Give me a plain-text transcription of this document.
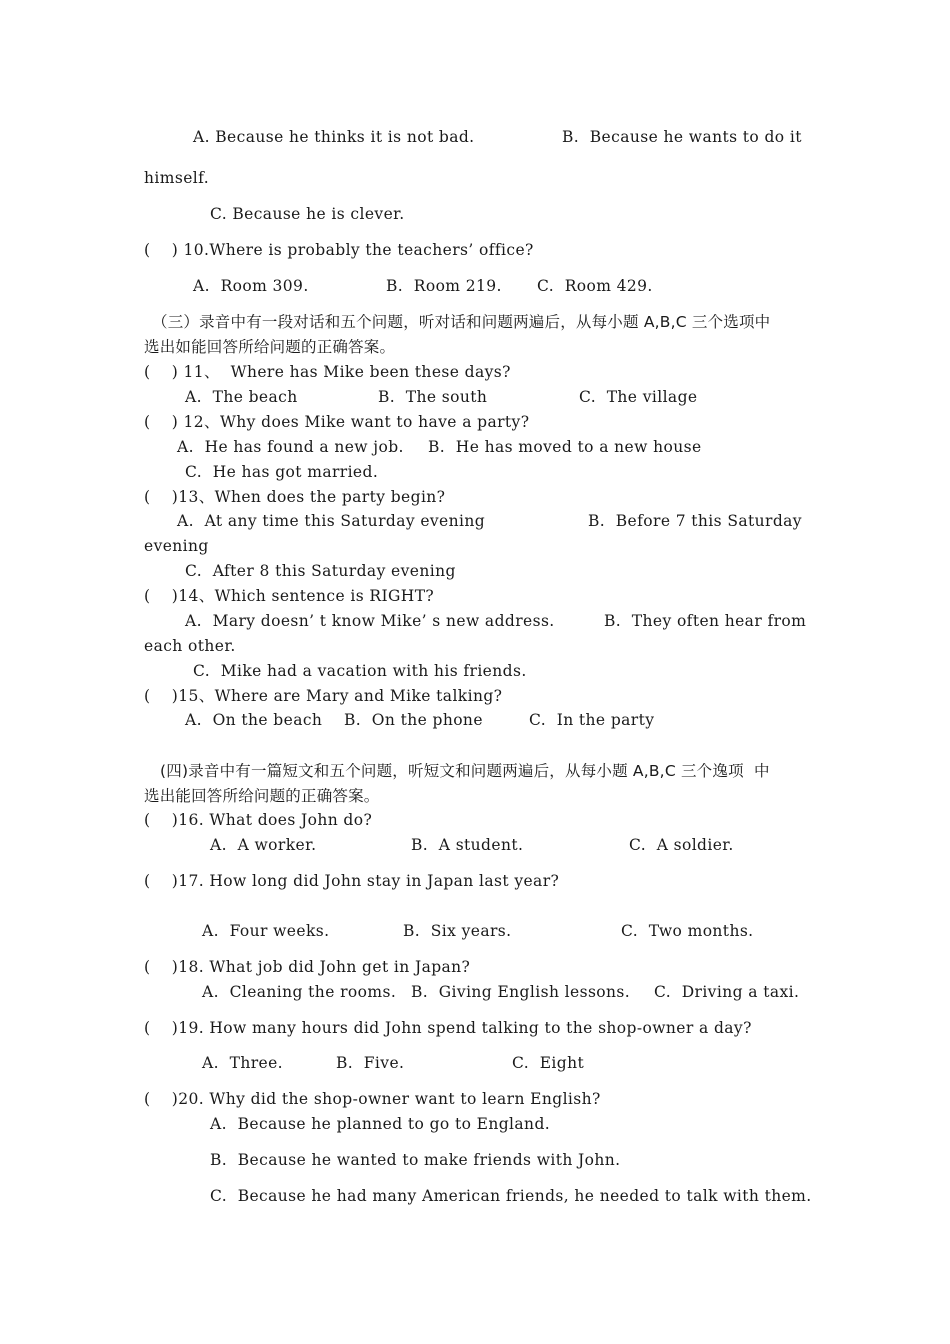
A. Because he thinks it is not bad.	B.  Because he wants to do it
himself.
C. Because he is clever.
(    ) 10.Where is probably the teachers’ office?
A.  Room 309.	B.  Room 219. C.  Room 429.
（三）录音中有一段对话和五个问题，听对话和问题两遍后，从每小题 A,B,C 三个选项中
选出如能回答所给问题的正确答案。
(    ) 11、  Where has Mike been these days?
A.  The beach	B.  The south	C.  The village
(    ) 12、Why does Mike want to have a party?
A.  He has found a new job. B.  He has moved to a new house
C.  He has got married.
(    )13、When does the party begin?
A.  At any time this Saturday evening	B.  Before 7 this Saturday
evening
C.  After 8 this Saturday evening
(    )14、Which sentence is RIGHT?
A.  Mary doesn’ t know Mike’ s new address.	B.  They often hear from
each other.
C.  Mike had a vacation with his friends.
(    )15、Where are Mary and Mike talking?
A.  On the beach B.  On the phone	C.  In the party
(四)录音中有一篇短文和五个问题，听短文和问题两遍后，从每小题 A,B,C 三个逸项  中
选出能回答所给问题的正确答案。
(    )16. What does John do?
A.  A worker.	B.  A student.	C.  A soldier.
(    )17. How long did John stay in Japan last year?
A.  Four weeks.	B.  Six years.	C.  Two months.
(    )18. What job did John get in Japan?
A.  Cleaning the rooms. B.  Giving English lessons. C.  Driving a taxi.
(    )19. How many hours did John spend talking to the shop-owner a day?
A.  Three.	B.  Five.	C.  Eight
(    )20. Why did the shop-owner want to learn English?
A.  Because he planned to go to England.
B.  Because he wanted to make friends with John.
C.  Because he had many American friends, he needed to talk with them.
